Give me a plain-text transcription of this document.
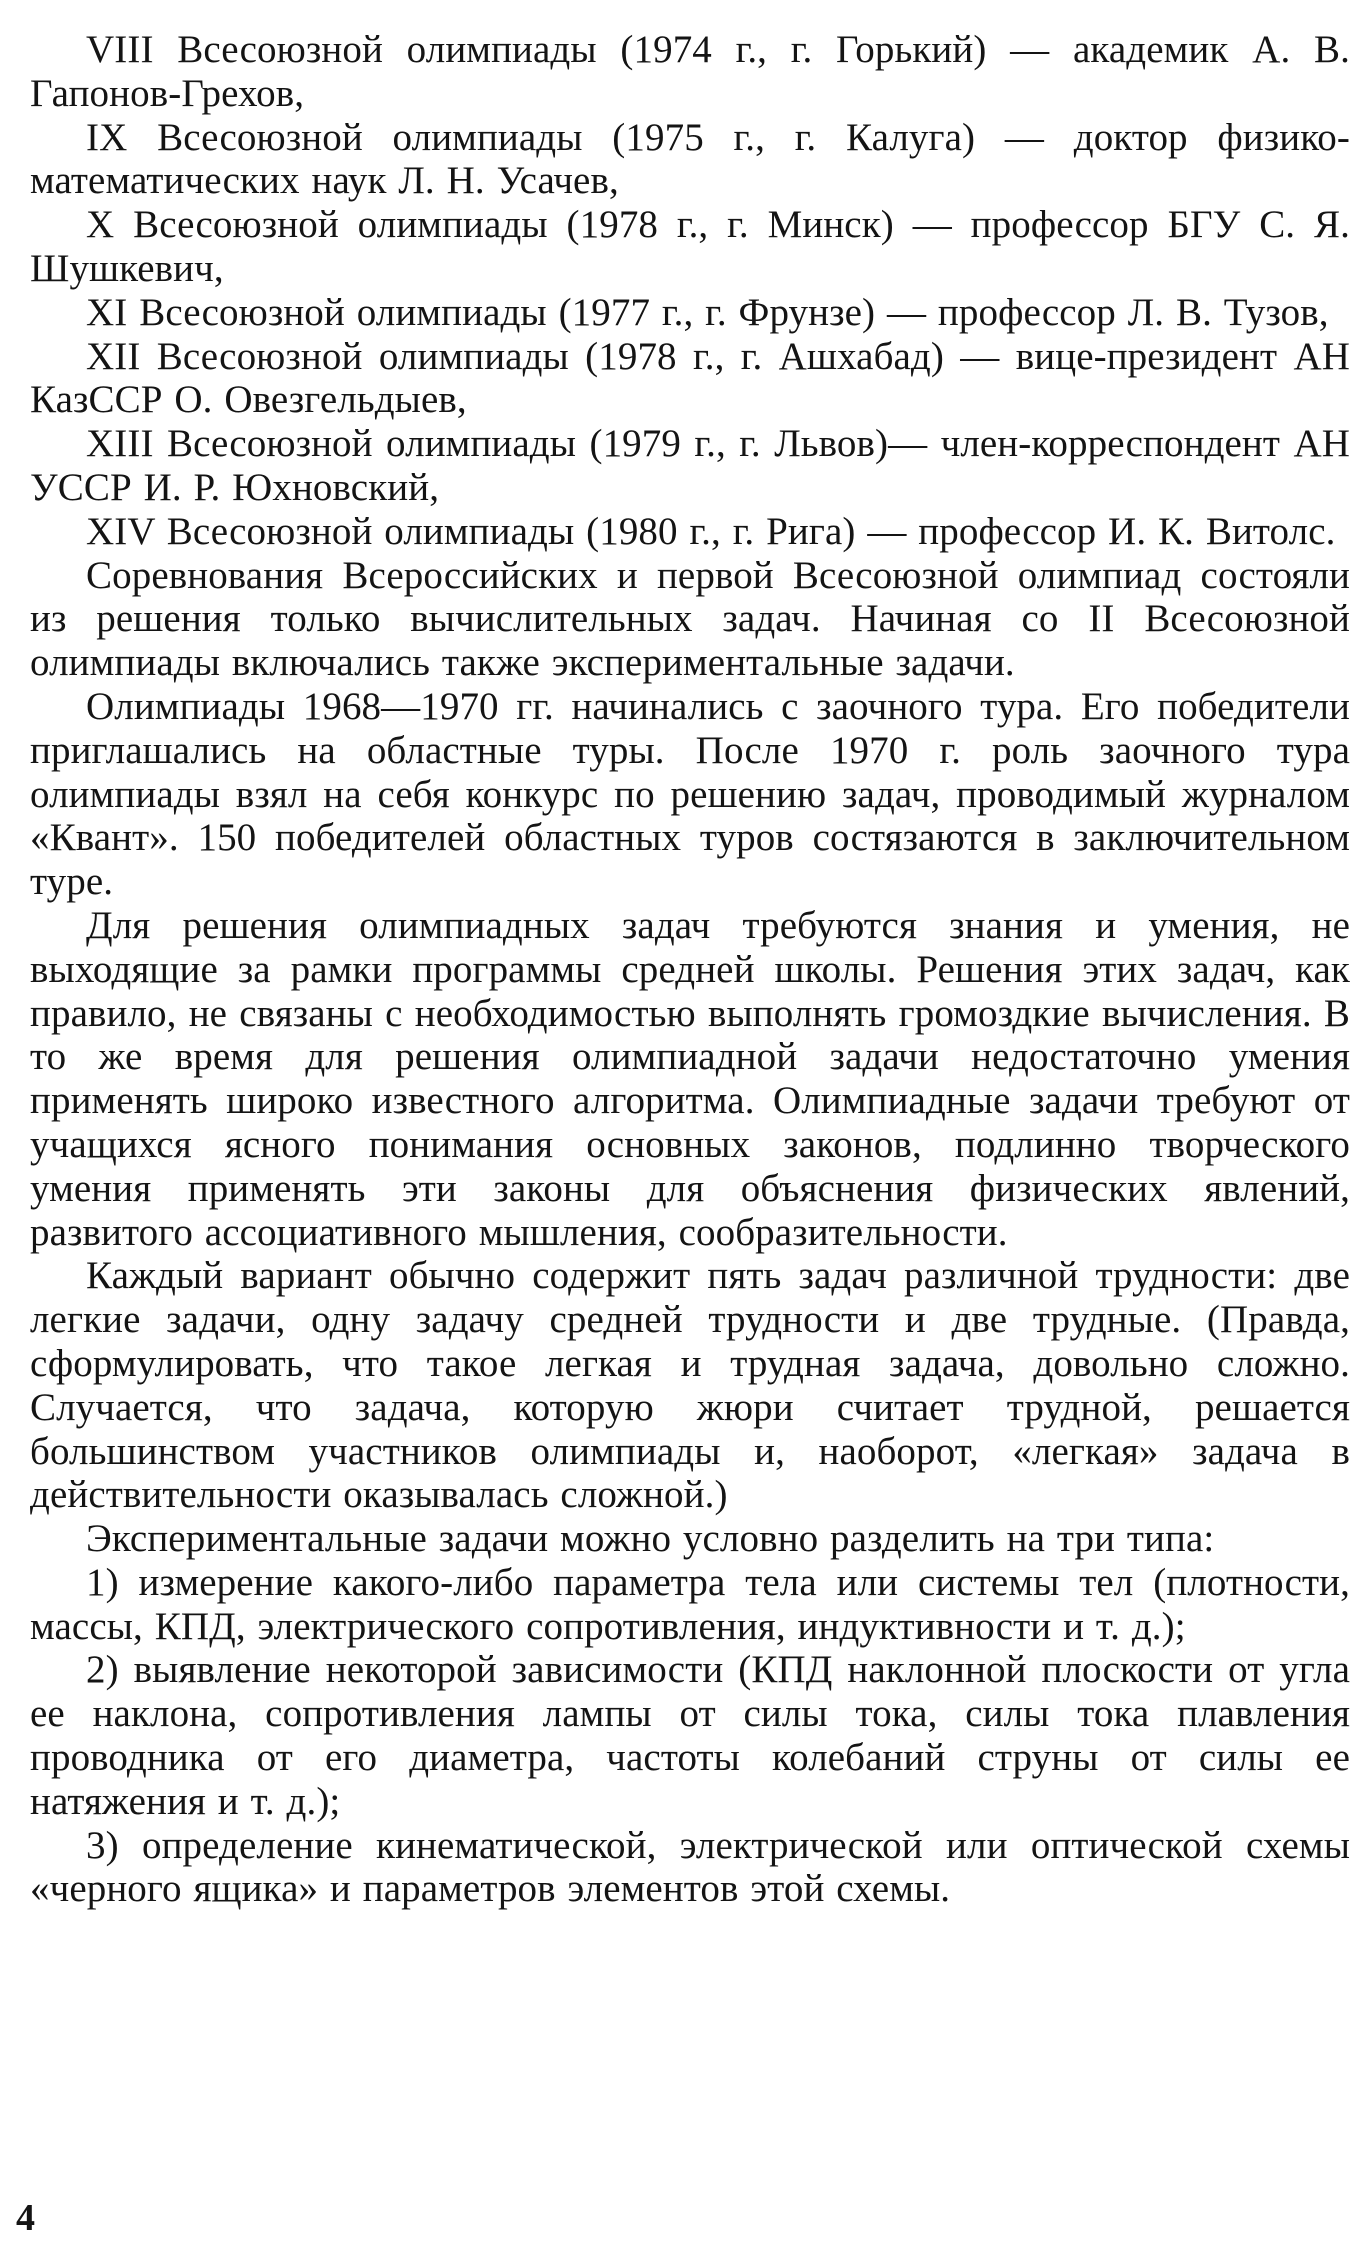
VIII Всесоюзной олимпиады (1974 г., г. Горький) — академик А. В. Гапонов-Грехов,

IX Всесоюзной олимпиады (1975 г., г. Калуга) — доктор физико-математических наук Л. Н. Усачев,

X Всесоюзной олимпиады (1978 г., г. Минск) — профессор БГУ С. Я. Шушкевич,

XI Всесоюзной олимпиады (1977 г., г. Фрунзе) — профессор Л. В. Тузов,

XII Всесоюзной олимпиады (1978 г., г. Ашхабад) — вице-президент АН КазССР О. Овезгельдыев,

XIII Всесоюзной олимпиады (1979 г., г. Львов)— член-корреспондент АН УССР И. Р. Юхновский,

XIV Всесоюзной олимпиады (1980 г., г. Рига) — профессор И. К. Витолс.

Соревнования Всероссийских и первой Всесоюзной олимпиад состояли из решения только вычислительных задач. Начиная со II Всесоюзной олимпиады включались также экспериментальные задачи.

Олимпиады 1968—1970 гг. начинались с заочного тура. Его победители приглашались на областные туры. После 1970 г. роль заочного тура олимпиады взял на себя конкурс по решению задач, проводимый журналом «Квант». 150 победителей областных туров состязаются в заключительном туре.

Для решения олимпиадных задач требуются знания и умения, не выходящие за рамки программы средней школы. Решения этих задач, как правило, не связаны с необходимостью выполнять громоздкие вычисления. В то же время для решения олимпиадной задачи недостаточно умения применять широко известного алгоритма. Олимпиадные задачи требуют от учащихся ясного понимания основных законов, подлинно творческого умения применять эти законы для объяснения физических явлений, развитого ассоциативного мышления, сообразительности.

Каждый вариант обычно содержит пять задач различной трудности: две легкие задачи, одну задачу средней трудности и две трудные. (Правда, сформулировать, что такое легкая и трудная задача, довольно сложно. Случается, что задача, которую жюри считает трудной, решается большинством участников олимпиады и, наоборот, «легкая» задача в действительности оказывалась сложной.)

Экспериментальные задачи можно условно разделить на три типа:

1) измерение какого-либо параметра тела или системы тел (плотности, массы, КПД, электрического сопротивления, индуктивности и т. д.);

2) выявление некоторой зависимости (КПД наклонной плоскости от угла ее наклона, сопротивления лампы от силы тока, силы тока плавления проводника от его диаметра, частоты колебаний струны от силы ее натяжения и т. д.);

3) определение кинематической, электрической или оптической схемы «черного ящика» и параметров элементов этой схемы.

4
